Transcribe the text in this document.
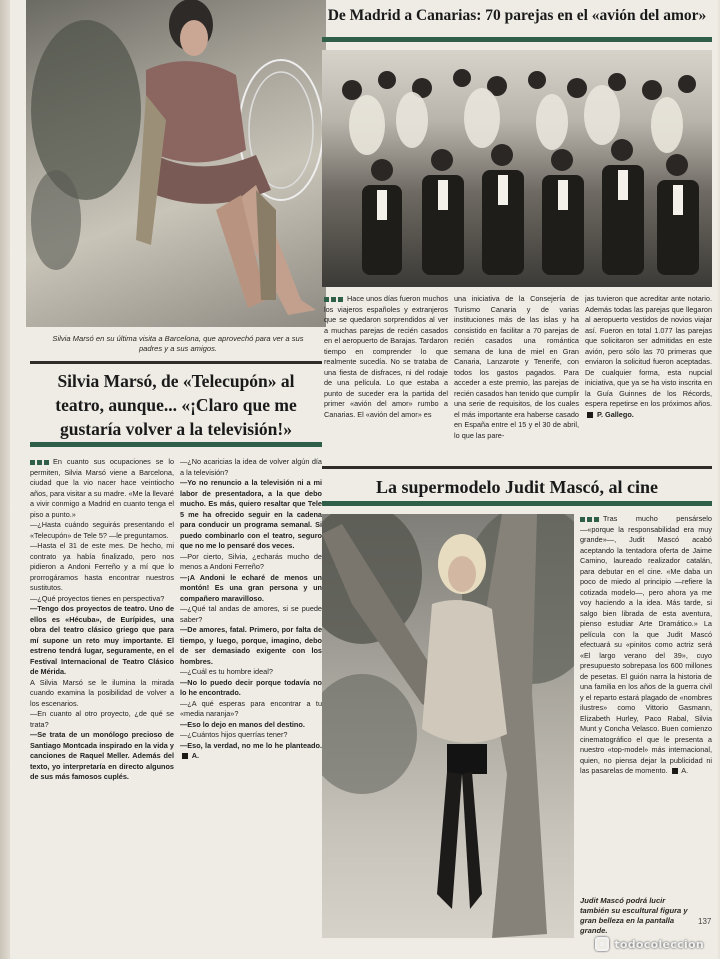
Silvia Marsó en su última visita a Barcelona, que aprovechó para ver a sus padres y a sus amigos.
Silvia Marsó, de «Telecupón» al teatro, aunque... «¡Claro que me gustaría volver a la televisión!»
En cuanto sus ocupaciones se lo permiten, Silvia Marsó viene a Barcelona, ciudad que la vio nacer hace veintiocho años, para visitar a su madre. «Me la llevaré a vivir conmigo a Madrid en cuanto tenga el piso a punto.»

—¿Hasta cuándo seguirás presentando el «Telecupón» de Tele 5? —le preguntamos.

—Hasta el 31 de este mes. De hecho, mi contrato ya había finalizado, pero nos pidieron a Andoni Ferreño y a mí que lo prorrogáramos hasta encontrar nuestros sustitutos.

—¿Qué proyectos tienes en perspectiva?

—Tengo dos proyectos de teatro. Uno de ellos es «Hécuba», de Eurípides, una obra del teatro clásico griego que para mí supone un reto muy importante. El estreno tendrá lugar, seguramente, en el Festival Internacional de Teatro Clásico de Mérida.

A Silvia Marsó se le ilumina la mirada cuando examina la posibilidad de volver a los escenarios.

—En cuanto al otro proyecto, ¿de qué se trata?

—Se trata de un monólogo precioso de Santiago Montcada inspirado en la vida y canciones de Raquel Meller. Además del texto, yo interpretaría en directo algunos de sus más famosos cuplés.

—¿No acaricias la idea de volver algún día a la televisión?

—Yo no renuncio a la televisión ni a mi labor de presentadora, a la que debo mucho. Es más, quiero resaltar que Tele 5 me ha ofrecido seguir en la cadena para conducir un programa semanal. Si puedo combinarlo con el teatro, seguro que no me lo pensaré dos veces.

—Por cierto, Silvia, ¿echarás mucho de menos a Andoni Ferreño?

—¡A Andoni le echaré de menos un montón! Es una gran persona y un compañero maravilloso.

—¿Qué tal andas de amores, si se puede saber?

—De amores, fatal. Primero, por falta de tiempo, y luego, porque, imagino, debo de ser demasiado exigente con los hombres.

—¿Cuál es tu hombre ideal?

—No lo puedo decir porque todavía no lo he encontrado.

—¿A qué esperas para encontrar a tu «media naranja»?

—Eso lo dejo en manos del destino.

—¿Cuántos hijos querrías tener?

—Eso, la verdad, no me lo he planteado.  A.

De Madrid a Canarias: 70 parejas en el «avión del amor»
Hace unos días fueron muchos los viajeros españoles y extranjeros que se quedaron sorprendidos al ver a muchas parejas de recién casados en el aeropuerto de Barajas. Tardaron tiempo en comprender lo que realmente sucedía. No se trataba de una fiesta de disfraces, ni del rodaje de una película. Lo que estaba a punto de suceder era la partida del primer «avión del amor» rumbo a Canarias. El «avión del amor» es
una iniciativa de la Consejería de Turismo Canaria y de varias instituciones más de las islas y ha consistido en facilitar a 70 parejas de recién casados una romántica semana de luna de miel en Gran Canaria, Lanzarote y Tenerife, con todos los gastos pagados. Para acceder a este premio, las parejas de recién casados han tenido que cumplir una serie de requisitos, de los cuales el más importante era haberse casado en España entre el 15 y el 30 de abril, lo que las pare-
jas tuvieron que acreditar ante notario. Además todas las parejas que llegaron al aeropuerto vestidos de novios viajar así. Fueron en total 1.077 las parejas que solicitaron ser admitidas en este avión, pero sólo las 70 primeras que enviaron la solicitud fueron aceptadas. De cualquier forma, esta nupcial iniciativa, que ya se ha visto inscrita en la Guía Guinnes de los Récords, espera repetirse en los próximos años.  P. Gallego.
La supermodelo Judit Mascó, al cine
Tras mucho pensárselo —«porque la responsabilidad era muy grande»—, Judit Mascó acabó aceptando la tentadora oferta de Jaime Camino, laureado realizador catalán, para debutar en el cine. «Me daba un poco de miedo al principio —refiere la cotizada modelo—, pero ahora ya me voy haciendo a la idea. Más tarde, si salgo bien librada de esta aventura, pienso estudiar Arte Dramático.» La película con la que Judit Mascó efectuará su «pinitos como actriz será «El largo verano del 39», cuyo presupuesto sobrepasa los 600 millones de pesetas. El guión narra la historia de una familia en los años de la guerra civil y el reparto estará plagado de «nombres ilustres» como Vittorio Gasmann, Elizabeth Hurley, Paco Rabal, Silvia Munt y Concha Velasco. Buen comienzo cinematográfico el que le presenta a nuestro «top-model» más internacional, quien, no piensa dejar la publicidad ni las pasarelas de momento. A.
Judit Mascó podrá lucir también su escultural figura y gran belleza en la pantalla grande.
137
todocoleccion
